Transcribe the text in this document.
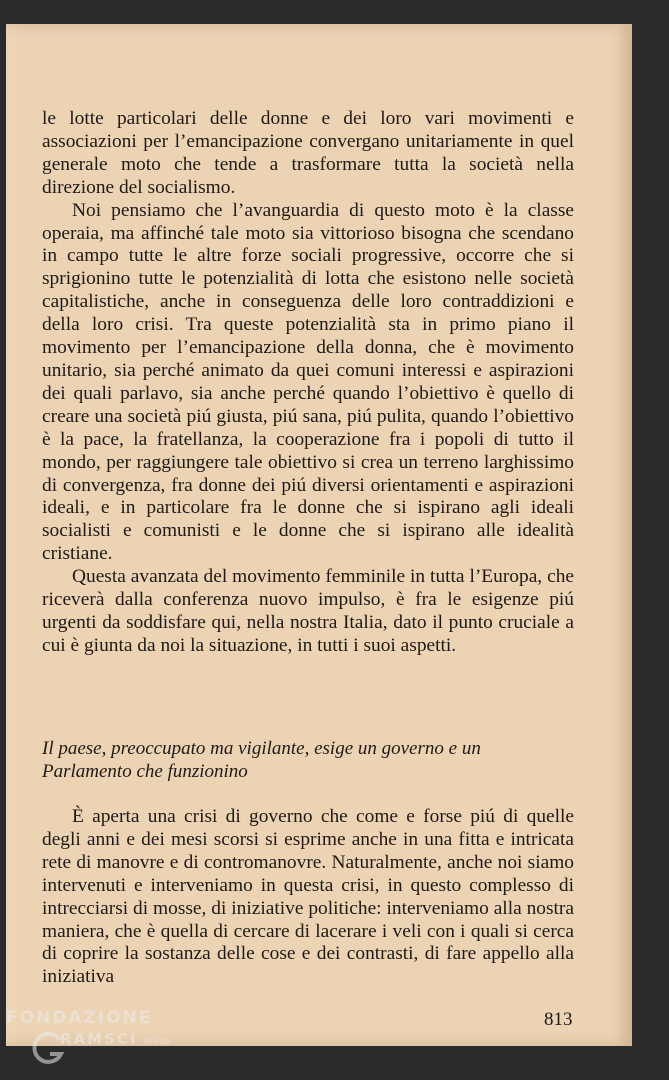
le lotte particolari delle donne e dei loro vari movimenti e associazioni per l’emancipazione convergano unitariamente in quel generale moto che tende a trasformare tutta la società nella direzione del socialismo.

Noi pensiamo che l’avanguardia di questo moto è la classe operaia, ma affinché tale moto sia vittorioso bisogna che scendano in campo tutte le altre forze sociali progressive, occorre che si sprigionino tutte le potenzialità di lotta che esistono nelle società capitalistiche, anche in conseguenza delle loro contraddizioni e della loro crisi. Tra queste potenzialità sta in primo piano il movimento per l’emancipazione della donna, che è movimento unitario, sia perché animato da quei comuni interessi e aspirazioni dei quali parlavo, sia anche perché quando l’obiettivo è quello di creare una società piú giusta, piú sana, piú pulita, quando l’obiettivo è la pace, la fratellanza, la cooperazione fra i popoli di tutto il mondo, per raggiungere tale obiettivo si crea un terreno larghissimo di convergenza, fra donne dei piú diversi orientamenti e aspirazioni ideali, e in particolare fra le donne che si ispirano agli ideali socialisti e comunisti e le donne che si ispirano alle idealità cristiane.

Questa avanzata del movimento femminile in tutta l’Europa, che riceverà dalla conferenza nuovo impulso, è fra le esigenze piú urgenti da soddisfare qui, nella nostra Italia, dato il punto cruciale a cui è giunta da noi la situazione, in tutti i suoi aspetti.

Il paese, preoccupato ma vigilante, esige un governo e un
Parlamento che funzionino

È aperta una crisi di governo che come e forse piú di quelle degli anni e dei mesi scorsi si esprime anche in una fitta e intricata rete di manovre e di contromanovre. Naturalmente, anche noi siamo intervenuti e interveniamo in questa crisi, in questo complesso di intrecciarsi di mosse, di iniziative politiche: interveniamo alla nostra maniera, che è quella di cercare di lacerare i veli con i quali si cerca di coprire la sostanza delle cose e dei contrasti, di fare appello alla iniziativa

813
FONDAZIONE
RAMSCI onlus
